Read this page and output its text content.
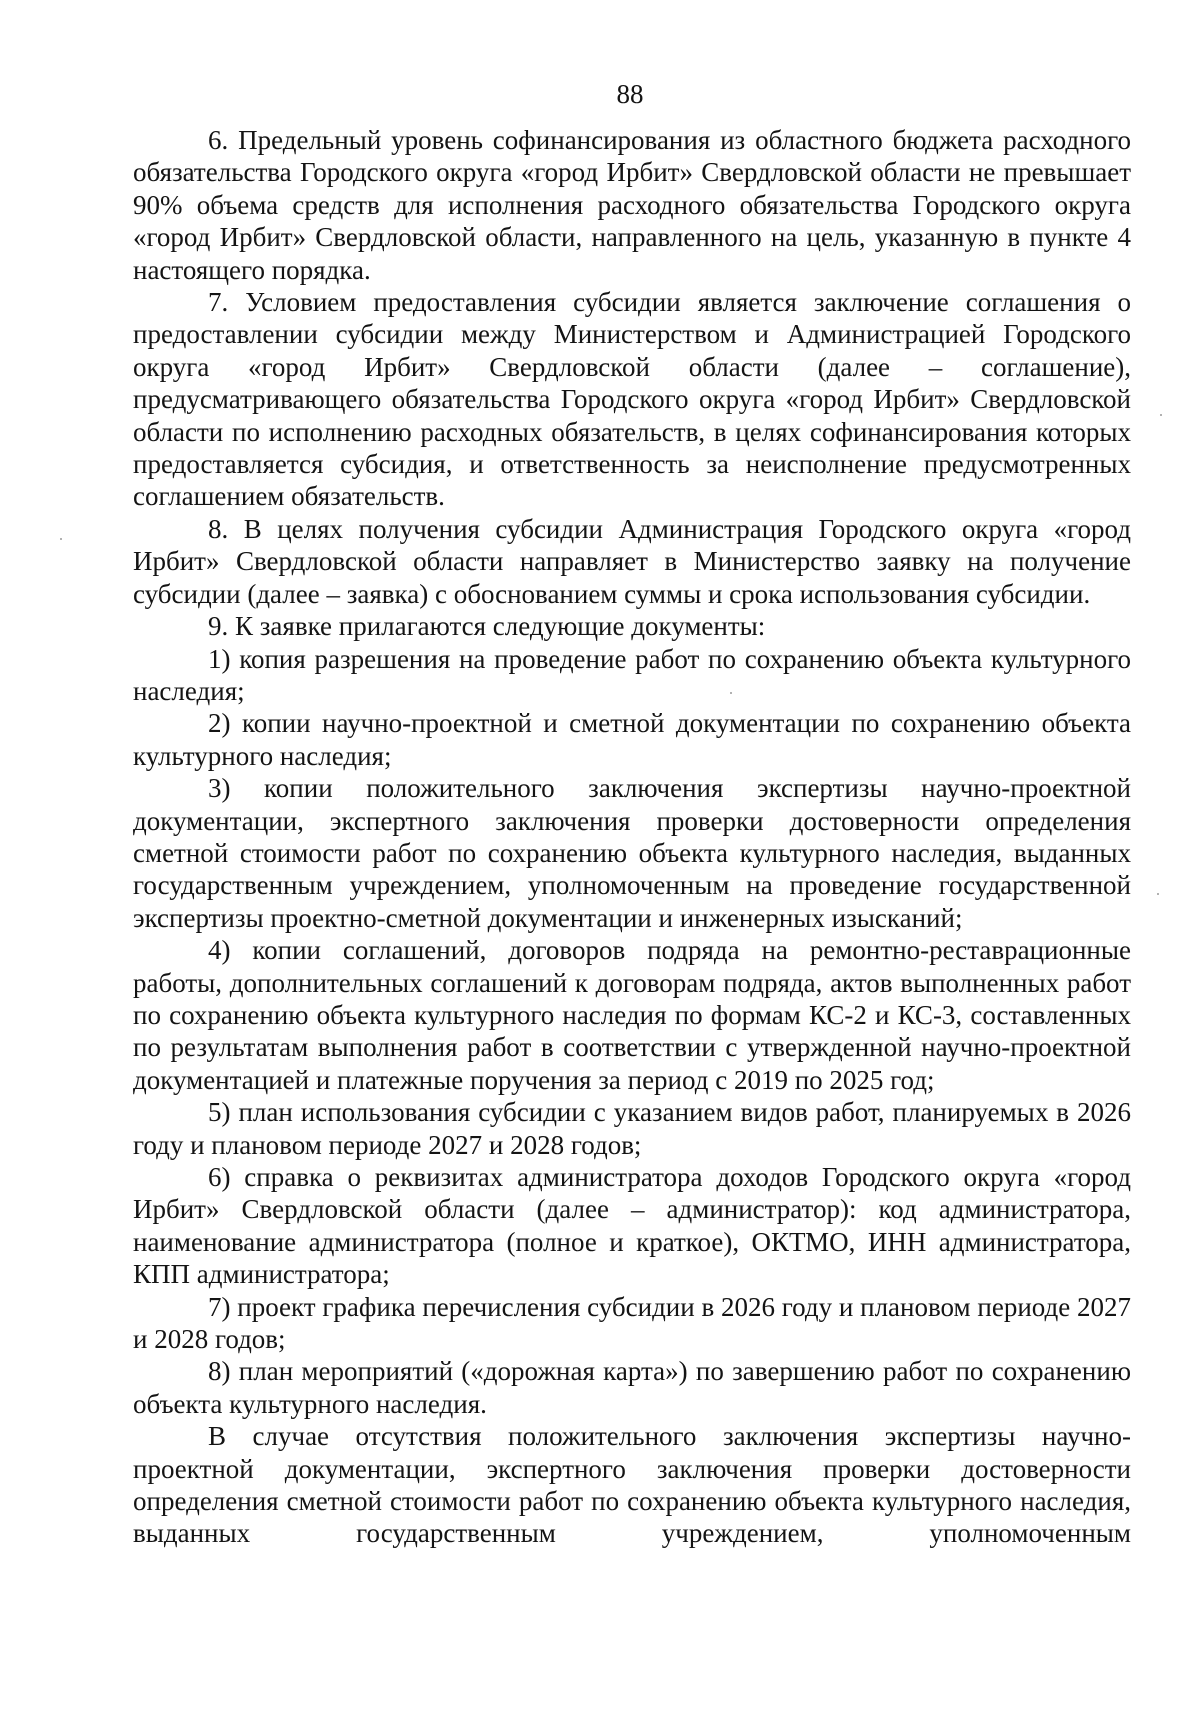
88

6. Предельный уровень софинансирования из областного бюджета расходного обязательства Городского округа «город Ирбит» Свердловской области не превышает 90% объема средств для исполнения расходного обязательства Городского округа «город Ирбит» Свердловской области, направленного на цель, указанную в пункте 4 настоящего порядка.

7. Условием предоставления субсидии является заключение соглашения о предоставлении субсидии между Министерством и Администрацией Городского округа «город Ирбит» Свердловской области (далее – соглашение), предусматривающего обязательства Городского округа «город Ирбит» Свердловской области по исполнению расходных обязательств, в целях софинансирования которых предоставляется субсидия, и ответственность за неисполнение предусмотренных соглашением обязательств.

8. В целях получения субсидии Администрация Городского округа «город Ирбит» Свердловской области направляет в Министерство заявку на получение субсидии (далее – заявка) с обоснованием суммы и срока использования субсидии.

9. К заявке прилагаются следующие документы:

1) копия разрешения на проведение работ по сохранению объекта культурного наследия;

2) копии научно-проектной и сметной документации по сохранению объекта культурного наследия;

3) копии положительного заключения экспертизы научно-проектной документации, экспертного заключения проверки достоверности определения сметной стоимости работ по сохранению объекта культурного наследия, выданных государственным учреждением, уполномоченным на проведение государственной экспертизы проектно-сметной документации и инженерных изысканий;

4) копии соглашений, договоров подряда на ремонтно-реставрационные работы, дополнительных соглашений к договорам подряда, актов выполненных работ по сохранению объекта культурного наследия по формам КС-2 и КС-3, составленных по результатам выполнения работ в соответствии с утвержденной научно-проектной документацией и платежные поручения за период с 2019 по 2025 год;

5) план использования субсидии с указанием видов работ, планируемых в 2026 году и плановом периоде 2027 и 2028 годов;

6) справка о реквизитах администратора доходов Городского округа «город Ирбит» Свердловской области (далее – администратор): код администратора, наименование администратора (полное и краткое), ОКТМО, ИНН администратора, КПП администратора;

7) проект графика перечисления субсидии в 2026 году и плановом периоде 2027 и 2028 годов;

8) план мероприятий («дорожная карта») по завершению работ по сохранению объекта культурного наследия.

В случае отсутствия положительного заключения экспертизы научно-проектной документации, экспертного заключения проверки достоверности определения сметной стоимости работ по сохранению объекта культурного наследия, выданных государственным учреждением, уполномоченным
